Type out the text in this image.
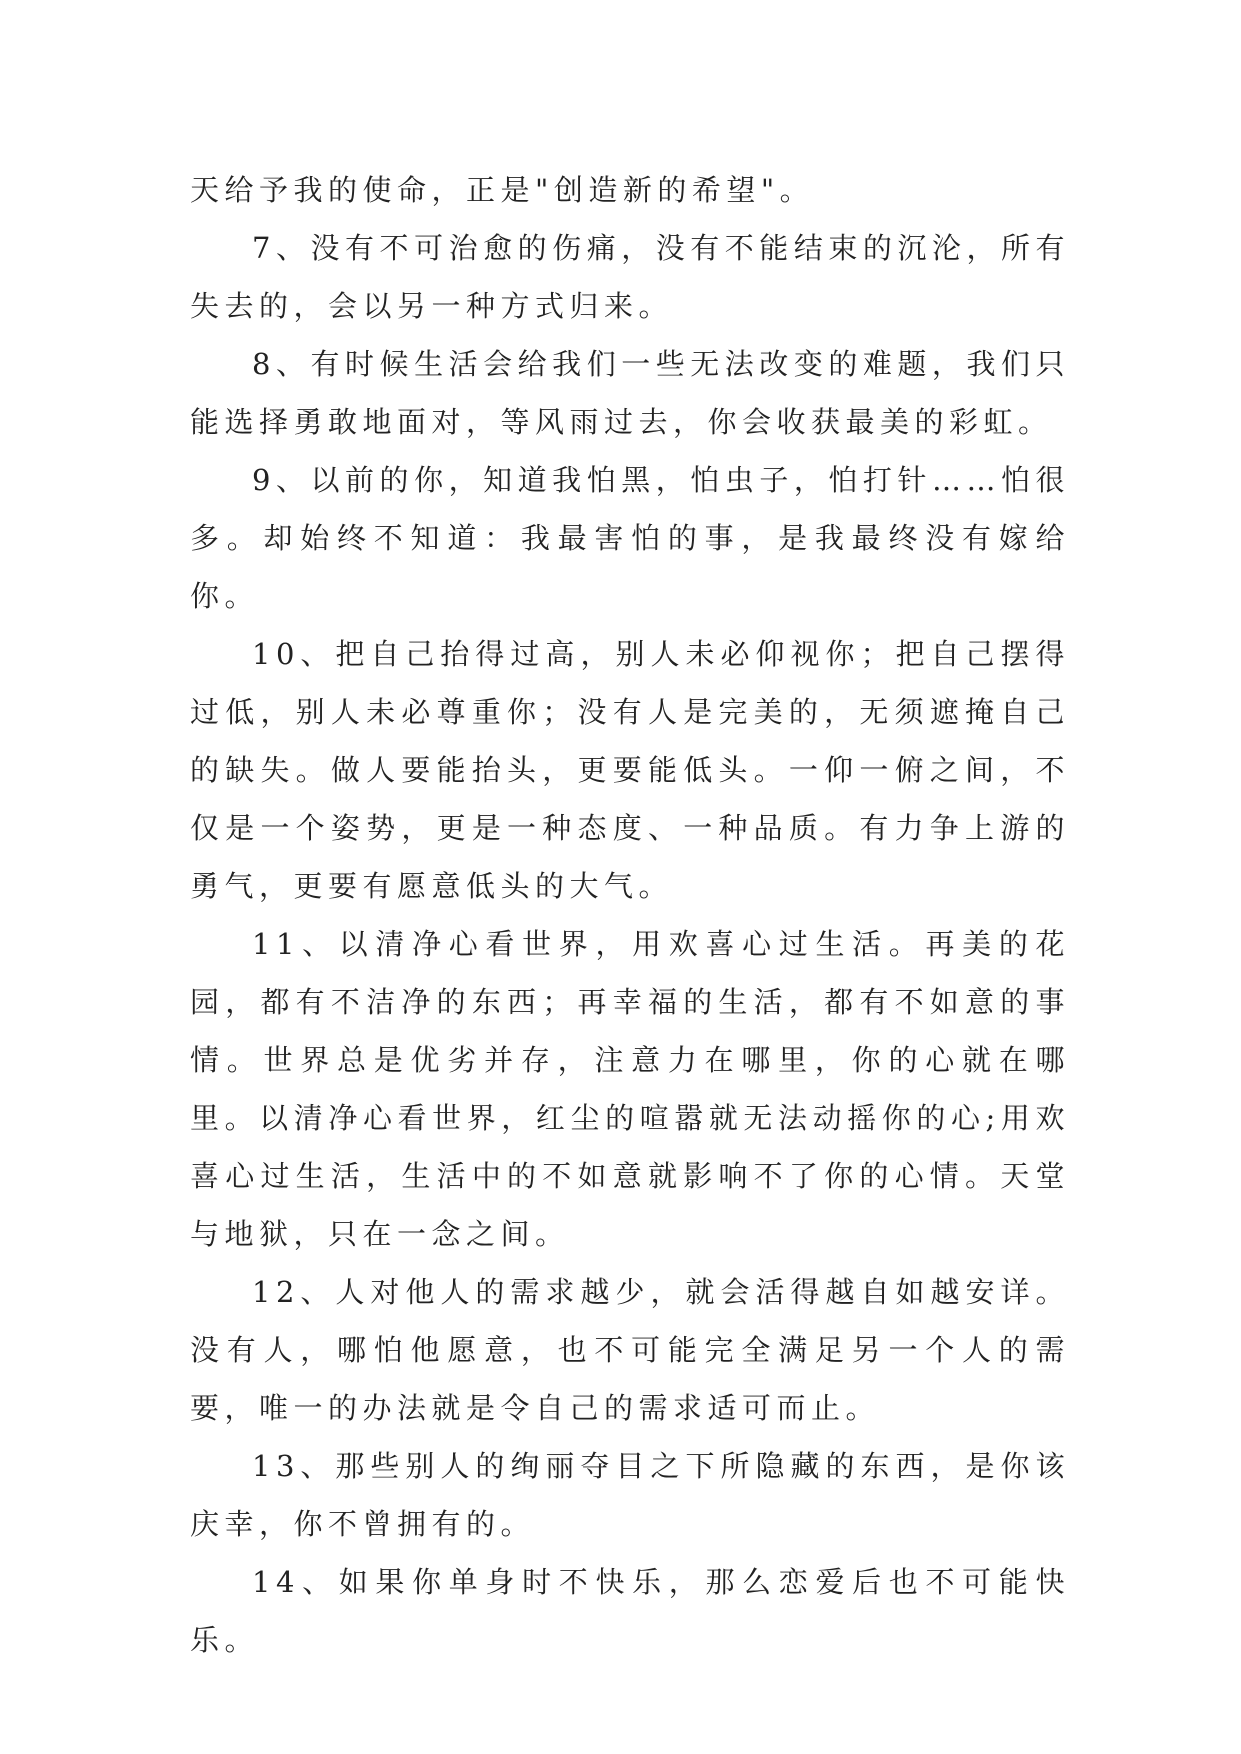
天给予我的使命，正是"创造新的希望"。

7、没有不可治愈的伤痛，没有不能结束的沉沦，所有失去的，会以另一种方式归来。

8、有时候生活会给我们一些无法改变的难题，我们只能选择勇敢地面对，等风雨过去，你会收获最美的彩虹。

9、以前的你，知道我怕黑，怕虫子，怕打针……怕很多。却始终不知道：我最害怕的事，是我最终没有嫁给你。

10、把自己抬得过高，别人未必仰视你；把自己摆得过低，别人未必尊重你；没有人是完美的，无须遮掩自己的缺失。做人要能抬头，更要能低头。一仰一俯之间，不仅是一个姿势，更是一种态度、一种品质。有力争上游的勇气，更要有愿意低头的大气。

11、以清净心看世界，用欢喜心过生活。再美的花园，都有不洁净的东西；再幸福的生活，都有不如意的事情。世界总是优劣并存，注意力在哪里，你的心就在哪里。以清净心看世界，红尘的喧嚣就无法动摇你的心;用欢喜心过生活，生活中的不如意就影响不了你的心情。天堂与地狱，只在一念之间。

12、人对他人的需求越少，就会活得越自如越安详。没有人，哪怕他愿意，也不可能完全满足另一个人的需要，唯一的办法就是令自己的需求适可而止。

13、那些别人的绚丽夺目之下所隐藏的东西，是你该庆幸，你不曾拥有的。

14、如果你单身时不快乐，那么恋爱后也不可能快乐。
